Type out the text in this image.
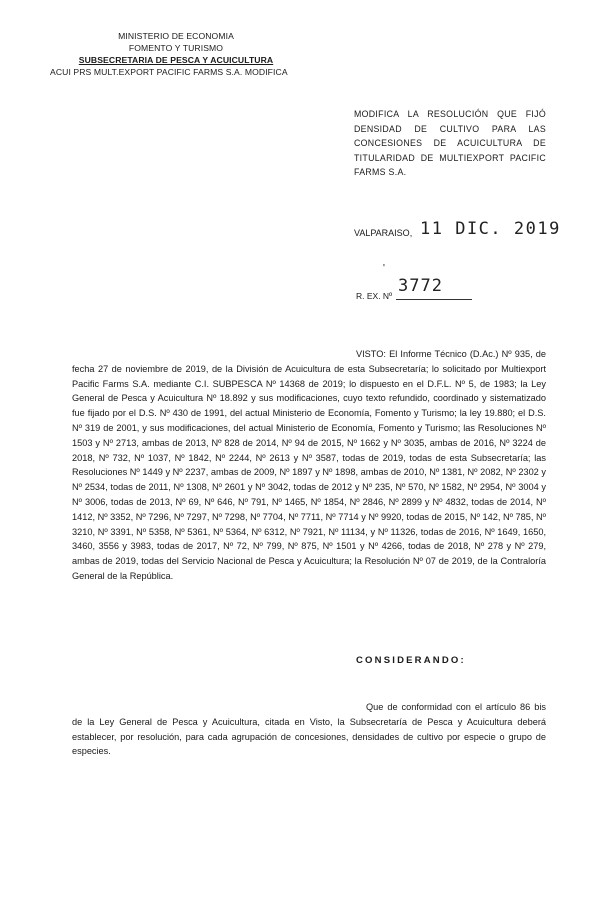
MINISTERIO DE ECONOMIA
FOMENTO Y TURISMO
SUBSECRETARIA DE PESCA Y ACUICULTURA
ACUI PRS MULT.EXPORT PACIFIC FARMS S.A. MODIFICA
MODIFICA LA RESOLUCIÓN QUE FIJÓ DENSIDAD DE CULTIVO PARA LAS CONCESIONES DE ACUICULTURA DE TITULARIDAD DE MULTIEXPORT PACIFIC FARMS S.A.
VALPARAISO, 11 DIC. 2019
'
R. EX. Nº 3772
VISTO: El Informe Técnico (D.Ac.) Nº 935, de fecha 27 de noviembre de 2019, de la División de Acuicultura de esta Subsecretaría; lo solicitado por Multiexport Pacific Farms S.A. mediante C.I. SUBPESCA Nº 14368 de 2019; lo dispuesto en el D.F.L. Nº 5, de 1983; la Ley General de Pesca y Acuicultura Nº 18.892 y sus modificaciones, cuyo texto refundido, coordinado y sistematizado fue fijado por el D.S. Nº 430 de 1991, del actual Ministerio de Economía, Fomento y Turismo; la ley 19.880; el D.S. Nº 319 de 2001, y sus modificaciones, del actual Ministerio de Economía, Fomento y Turismo; las Resoluciones Nº 1503 y Nº 2713, ambas de 2013, Nº 828 de 2014, Nº 94 de 2015, Nº 1662 y Nº 3035, ambas de 2016, Nº 3224 de 2018, Nº 732, Nº 1037, Nº 1842, Nº 2244, Nº 2613 y Nº 3587, todas de 2019, todas de esta Subsecretaría; las Resoluciones Nº 1449 y Nº 2237, ambas de 2009, Nº 1897 y Nº 1898, ambas de 2010, Nº 1381, Nº 2082, Nº 2302 y Nº 2534, todas de 2011, Nº 1308, Nº 2601 y Nº 3042, todas de 2012 y Nº 235, Nº 570, Nº 1582, Nº 2954, Nº 3004 y Nº 3006, todas de 2013, Nº 69, Nº 646, Nº 791, Nº 1465, Nº 1854, Nº 2846, Nº 2899 y Nº 4832, todas de 2014, Nº 1412, Nº 3352, Nº 7296, Nº 7297, Nº 7298, Nº 7704, Nº 7711, Nº 7714 y Nº 9920, todas de 2015, Nº 142, Nº 785, Nº 3210, Nº 3391, Nº 5358, Nº 5361, Nº 5364, Nº 6312, Nº 7921, Nº 11134, y Nº 11326, todas de 2016, Nº 1649, 1650, 3460, 3556 y 3983, todas de 2017, Nº 72, Nº 799, Nº 875, Nº 1501 y Nº 4266, todas de 2018, Nº 278 y Nº 279, ambas de 2019, todas del Servicio Nacional de Pesca y Acuicultura; la Resolución Nº 07 de 2019, de la Contraloría General de la República.
CONSIDERANDO:
Que de conformidad con el artículo 86 bis de la Ley General de Pesca y Acuicultura, citada en Visto, la Subsecretaría de Pesca y Acuicultura deberá establecer, por resolución, para cada agrupación de concesiones, densidades de cultivo por especie o grupo de especies.
